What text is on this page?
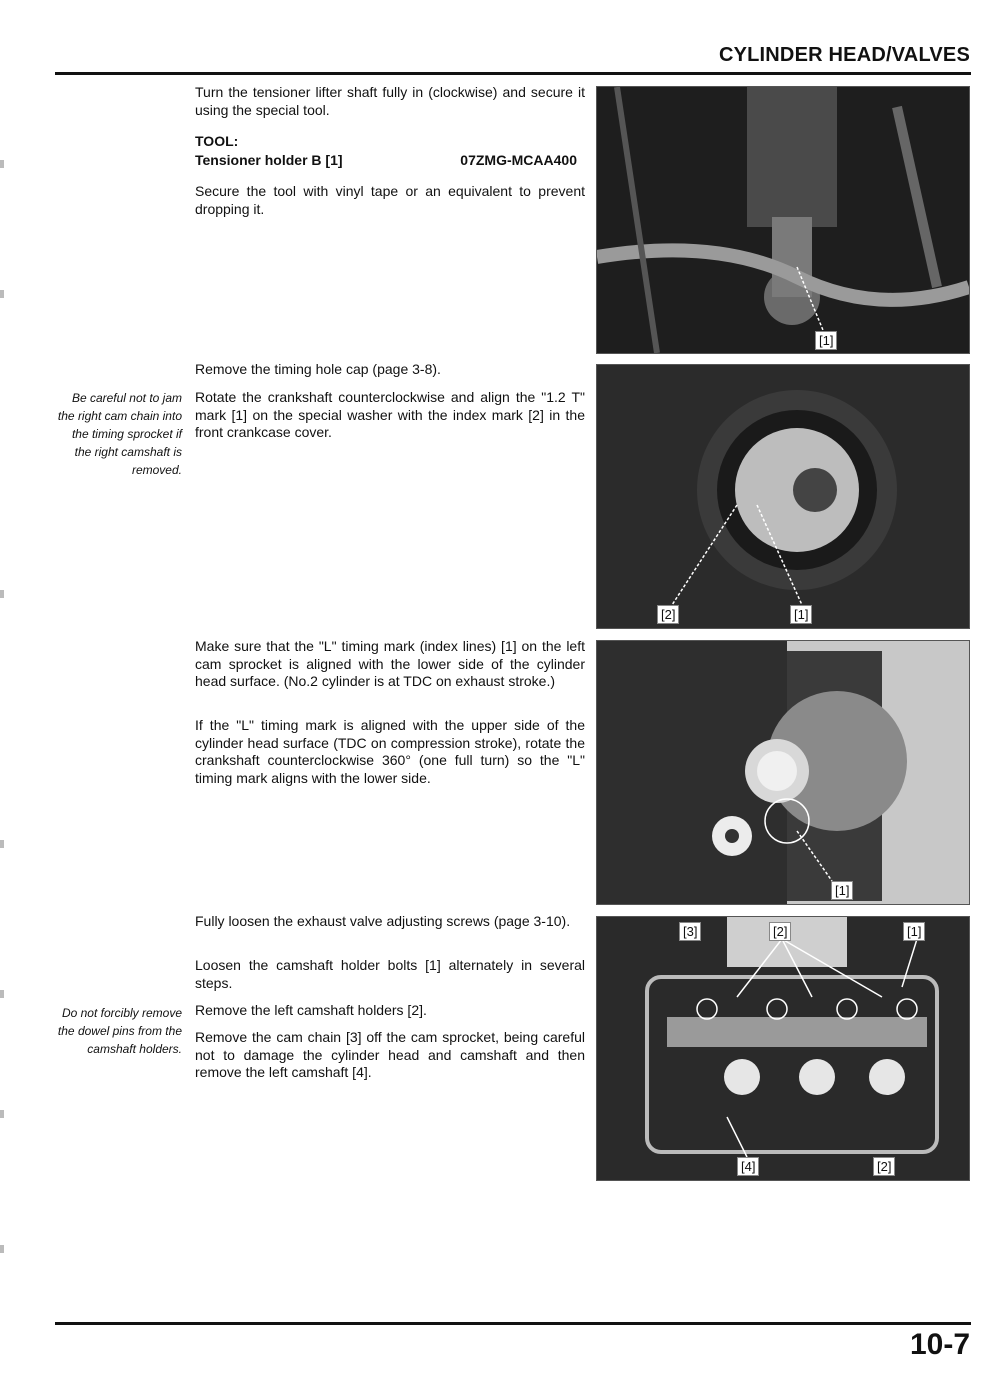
CYLINDER HEAD/VALVES

Turn the tensioner lifter shaft fully in (clockwise) and secure it using the special tool.

TOOL:
Tensioner holder B [1]	07ZMG-MCAA400

Secure the tool with vinyl tape or an equivalent to prevent dropping it.

[1]

Remove the timing hole cap (page 3-8).

Rotate the crankshaft counterclockwise and align the "1.2 T" mark [1] on the special washer with the index mark [2] in the front crankcase cover.

Be careful not to jam the right cam chain into the timing sprocket if the right camshaft is removed.
[2]	[1]

Make sure that the "L" timing mark (index lines) [1] on the left cam sprocket is aligned with the lower side of the cylinder head surface. (No.2 cylinder is at TDC on exhaust stroke.)

If the "L" timing mark is aligned with the upper side of the cylinder head surface (TDC on compression stroke), rotate the crankshaft counterclockwise 360° (one full turn) so the "L" timing mark aligns with the lower side.

[1]

Fully loosen the exhaust valve adjusting screws (page 3-10).

Loosen the camshaft holder bolts [1] alternately in several steps.

Remove the left camshaft holders [2].

Remove the cam chain [3] off the cam sprocket, being careful not to damage the cylinder head and camshaft and then remove the left camshaft [4].

Do not forcibly remove the dowel pins from the camshaft holders.
[3]	[2]	[1]
[4]	[2]
10-7
